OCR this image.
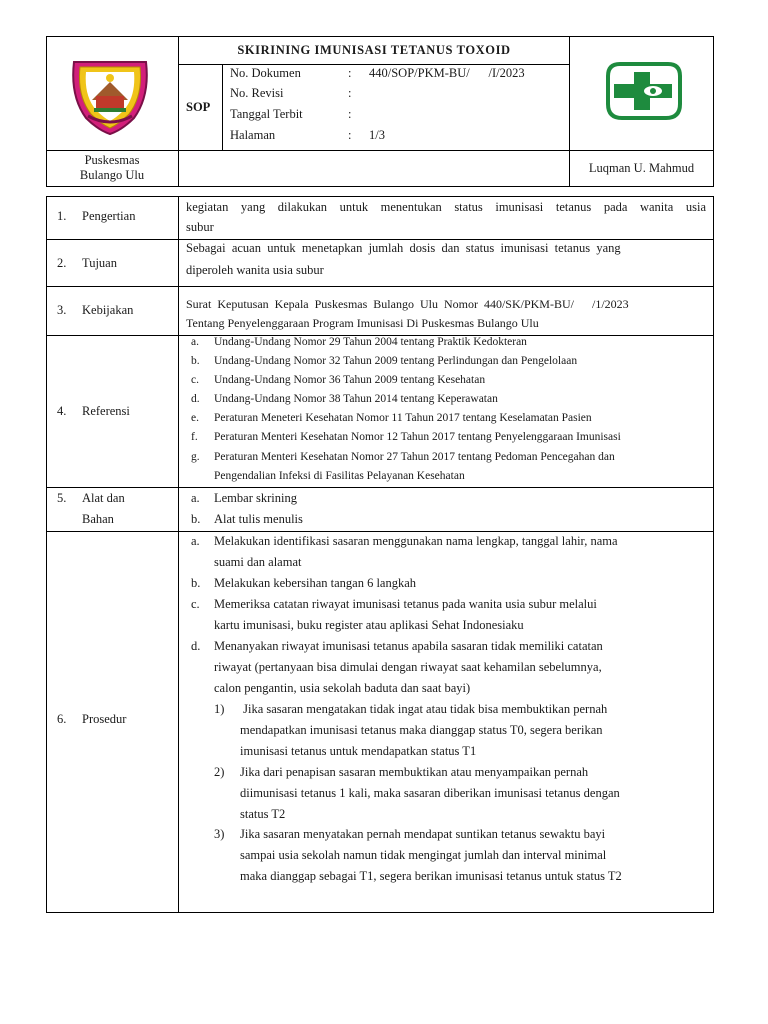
SKIRINING IMUNISASI TETANUS TOXOID
SOP
No. Dokumen	: 440/SOP/PKM-BU/      /I/2023
No. Revisi	:
Tanggal Terbit	:
Halaman	: 1/3
Puskesmas
Bulango Ulu	Luqman U. Mahmud
1. Pengertian
kegiatan yang dilakukan untuk menentukan status imunisasi tetanus pada wanita usia
subur
2. Tujuan
Sebagai  acuan  untuk  menetapkan  jumlah  dosis  dan  status  imunisasi  tetanus  yang
diperoleh wanita usia subur
3. Kebijakan	Surat  Keputusan  Kepala  Puskesmas  Bulango  Ulu  Nomor  440/SK/PKM-BU/      /1/2023
Tentang Penyelenggaraan Program Imunisasi Di Puskesmas Bulango Ulu
4. Referensi
a. Undang-Undang Nomor 29 Tahun 2004 tentang Praktik Kedokteran
b. Undang-Undang Nomor 32 Tahun 2009 tentang Perlindungan dan Pengelolaan
c. Undang-Undang Nomor 36 Tahun 2009 tentang Kesehatan
d. Undang-Undang Nomor 38 Tahun 2014 tentang Keperawatan
e. Peraturan Meneteri Kesehatan Nomor 11 Tahun 2017 tentang Keselamatan Pasien
f. Peraturan Menteri Kesehatan Nomor 12 Tahun 2017 tentang Penyelenggaraan Imunisasi
g. Peraturan Menteri Kesehatan Nomor 27 Tahun 2017 tentang Pedoman Pencegahan dan
Pengendalian Infeksi di Fasilitas Pelayanan Kesehatan
5. Alat dan
Bahan
a. Lembar skrining
b. Alat tulis menulis
6. Prosedur
a. Melakukan identifikasi sasaran menggunakan nama lengkap, tanggal lahir, nama
suami dan alamat
b. Melakukan kebersihan tangan 6 langkah
c. Memeriksa catatan riwayat imunisasi tetanus pada wanita usia subur melalui
kartu imunisasi, buku register atau aplikasi Sehat Indonesiaku
d. Menanyakan riwayat imunisasi tetanus apabila sasaran tidak memiliki catatan
riwayat (pertanyaan bisa dimulai dengan riwayat saat kehamilan sebelumnya,
calon pengantin, usia sekolah baduta dan saat bayi)
1) Jika sasaran mengatakan tidak ingat atau tidak bisa membuktikan pernah
mendapatkan imunisasi tetanus maka dianggap status T0, segera berikan
imunisasi tetanus untuk mendapatkan status T1
2) Jika dari penapisan sasaran membuktikan atau menyampaikan pernah
diimunisasi tetanus 1 kali, maka sasaran diberikan imunisasi tetanus dengan
status T2
3) Jika sasaran menyatakan pernah mendapat suntikan tetanus sewaktu bayi
sampai usia sekolah namun tidak mengingat jumlah dan interval minimal
maka dianggap sebagai T1, segera berikan imunisasi tetanus untuk status T2
